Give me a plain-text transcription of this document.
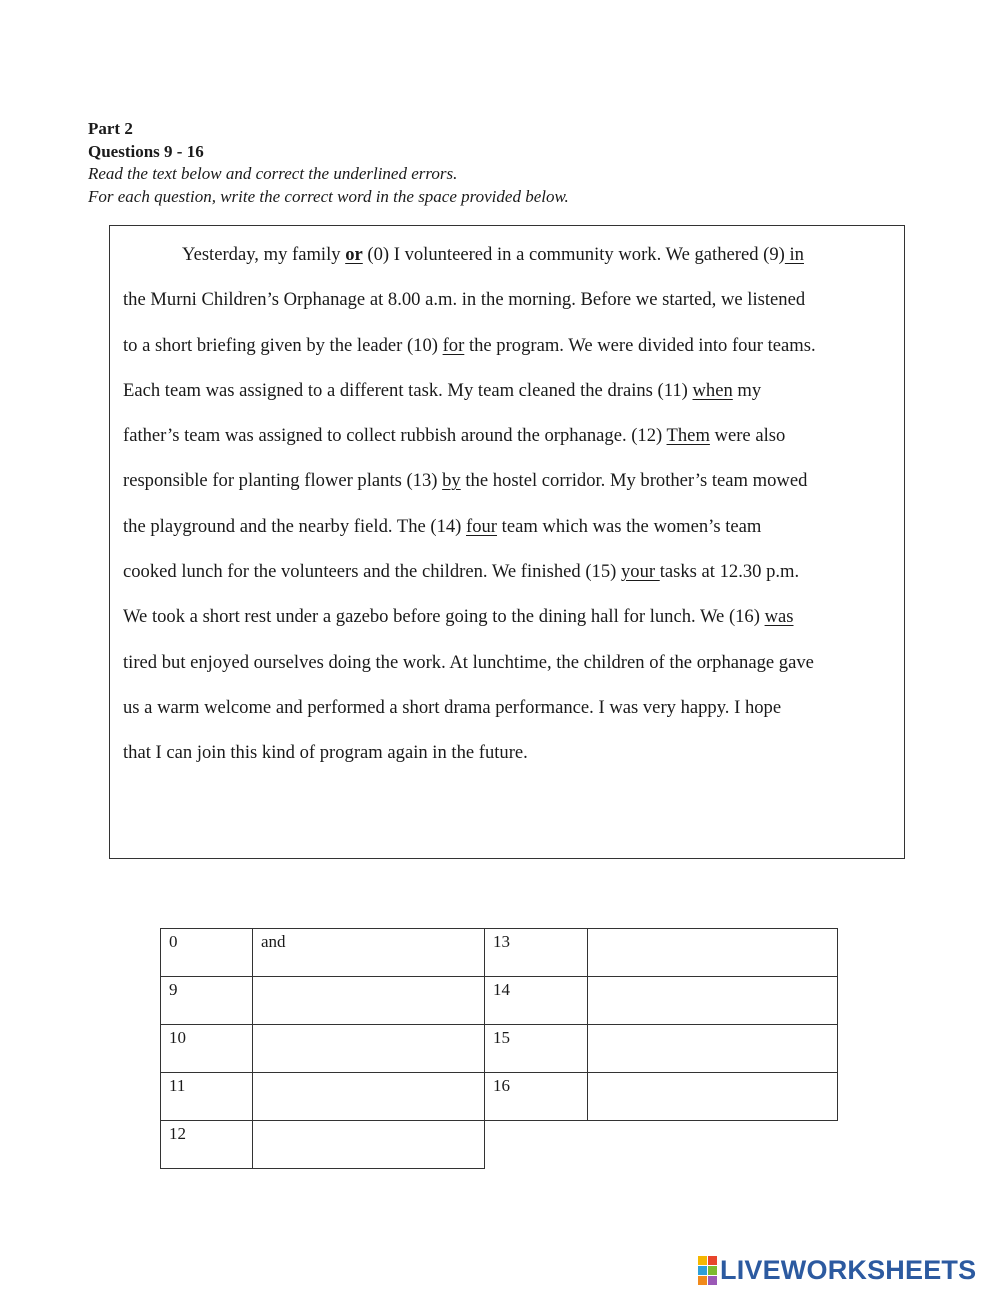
Part 2
Questions 9 - 16
Read the text below and correct the underlined errors.
For each question, write the correct word in the space provided below.
Yesterday, my family or (0) I volunteered in a community work. We gathered (9) in
the Murni Children’s Orphanage at 8.00 a.m. in the morning. Before we started, we listened
to a short briefing given by the leader (10) for the program. We were divided into four teams.
Each team was assigned to a different task. My team cleaned the drains (11) when my
father’s team was assigned to collect rubbish around the orphanage. (12) Them were also
responsible for planting flower plants (13) by the hostel corridor. My brother’s team mowed
the playground and the nearby field. The (14) four team which was the women’s team
cooked lunch for the volunteers and the children. We finished (15) your tasks at 12.30 p.m.
We took a short rest under a gazebo before going to the dining hall for lunch. We (16) was
tired but enjoyed ourselves doing the work. At lunchtime, the children of the orphanage gave
us a warm welcome and performed a short drama performance. I was very happy. I hope
that I can join this kind of program again in the future.
0	and	13	
9		14	
10		15	
11		16	
12			
LIVEWORKSHEETS
